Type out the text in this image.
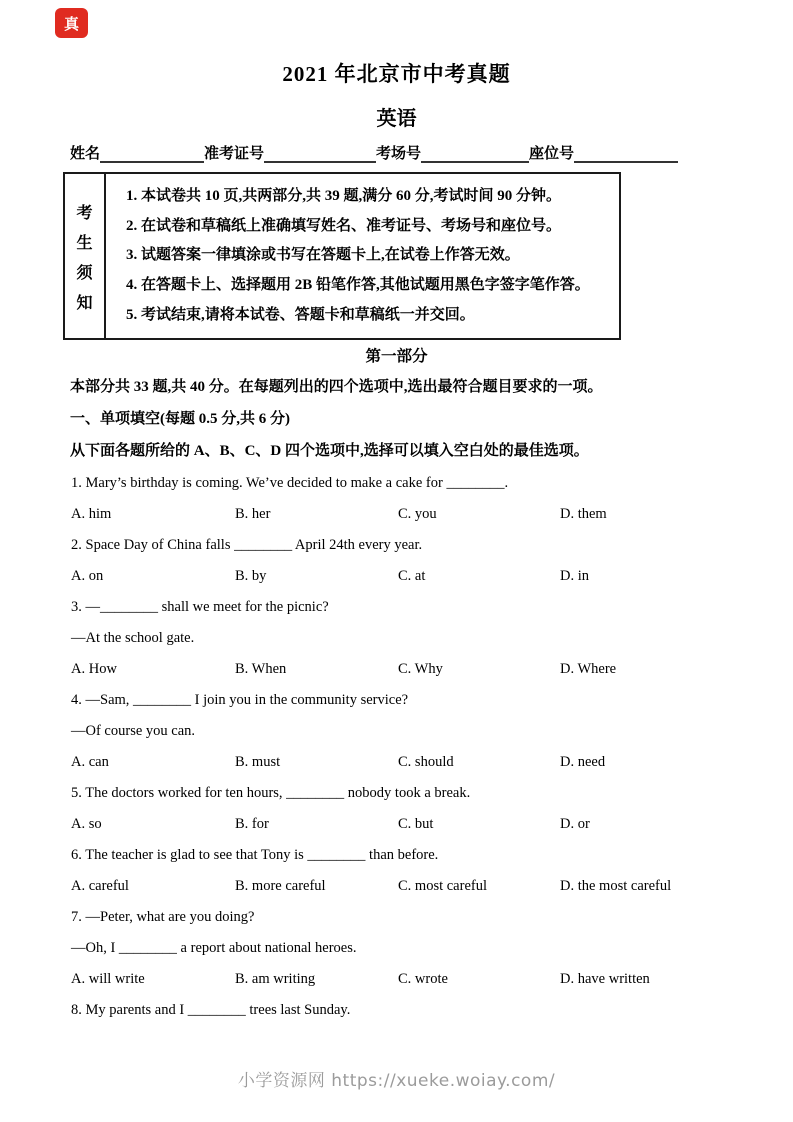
真
2021 年北京市中考真题
英语
姓名	准考证号	考场号	座位号
考
生
须
知
1. 本试卷共 10 页,共两部分,共 39 题,满分 60 分,考试时间 90 分钟。
2. 在试卷和草稿纸上准确填写姓名、准考证号、考场号和座位号。
3. 试题答案一律填涂或书写在答题卡上,在试卷上作答无效。
4. 在答题卡上、选择题用 2B 铅笔作答,其他试题用黑色字签字笔作答。
5. 考试结束,请将本试卷、答题卡和草稿纸一并交回。
第一部分
本部分共 33 题,共 40 分。在每题列出的四个选项中,选出最符合题目要求的一项。
一、单项填空(每题 0.5 分,共 6 分)
从下面各题所给的 A、B、C、D 四个选项中,选择可以填入空白处的最佳选项。
1. Mary’s birthday is coming. We’ve decided to make a cake for ________.
A. him	B. her	C. you	D. them
2. Space Day of China falls ________ April 24th every year.
A. on	B. by	C. at	D. in
3. —________ shall we meet for the picnic?
—At the school gate.
A. How	B. When	C. Why	D. Where
4. —Sam, ________ I join you in the community service?
—Of course you can.
A. can	B. must	C. should	D. need
5. The doctors worked for ten hours, ________ nobody took a break.
A. so	B. for	C. but	D. or
6. The teacher is glad to see that Tony is ________ than before.
A. careful	B. more careful	C. most careful	D. the most careful
7. —Peter, what are you doing?
—Oh, I ________ a report about national heroes.
A. will write	B. am writing	C. wrote	D. have written
8. My parents and I ________ trees last Sunday.
小学资源网 https://xueke.woiay.com/
